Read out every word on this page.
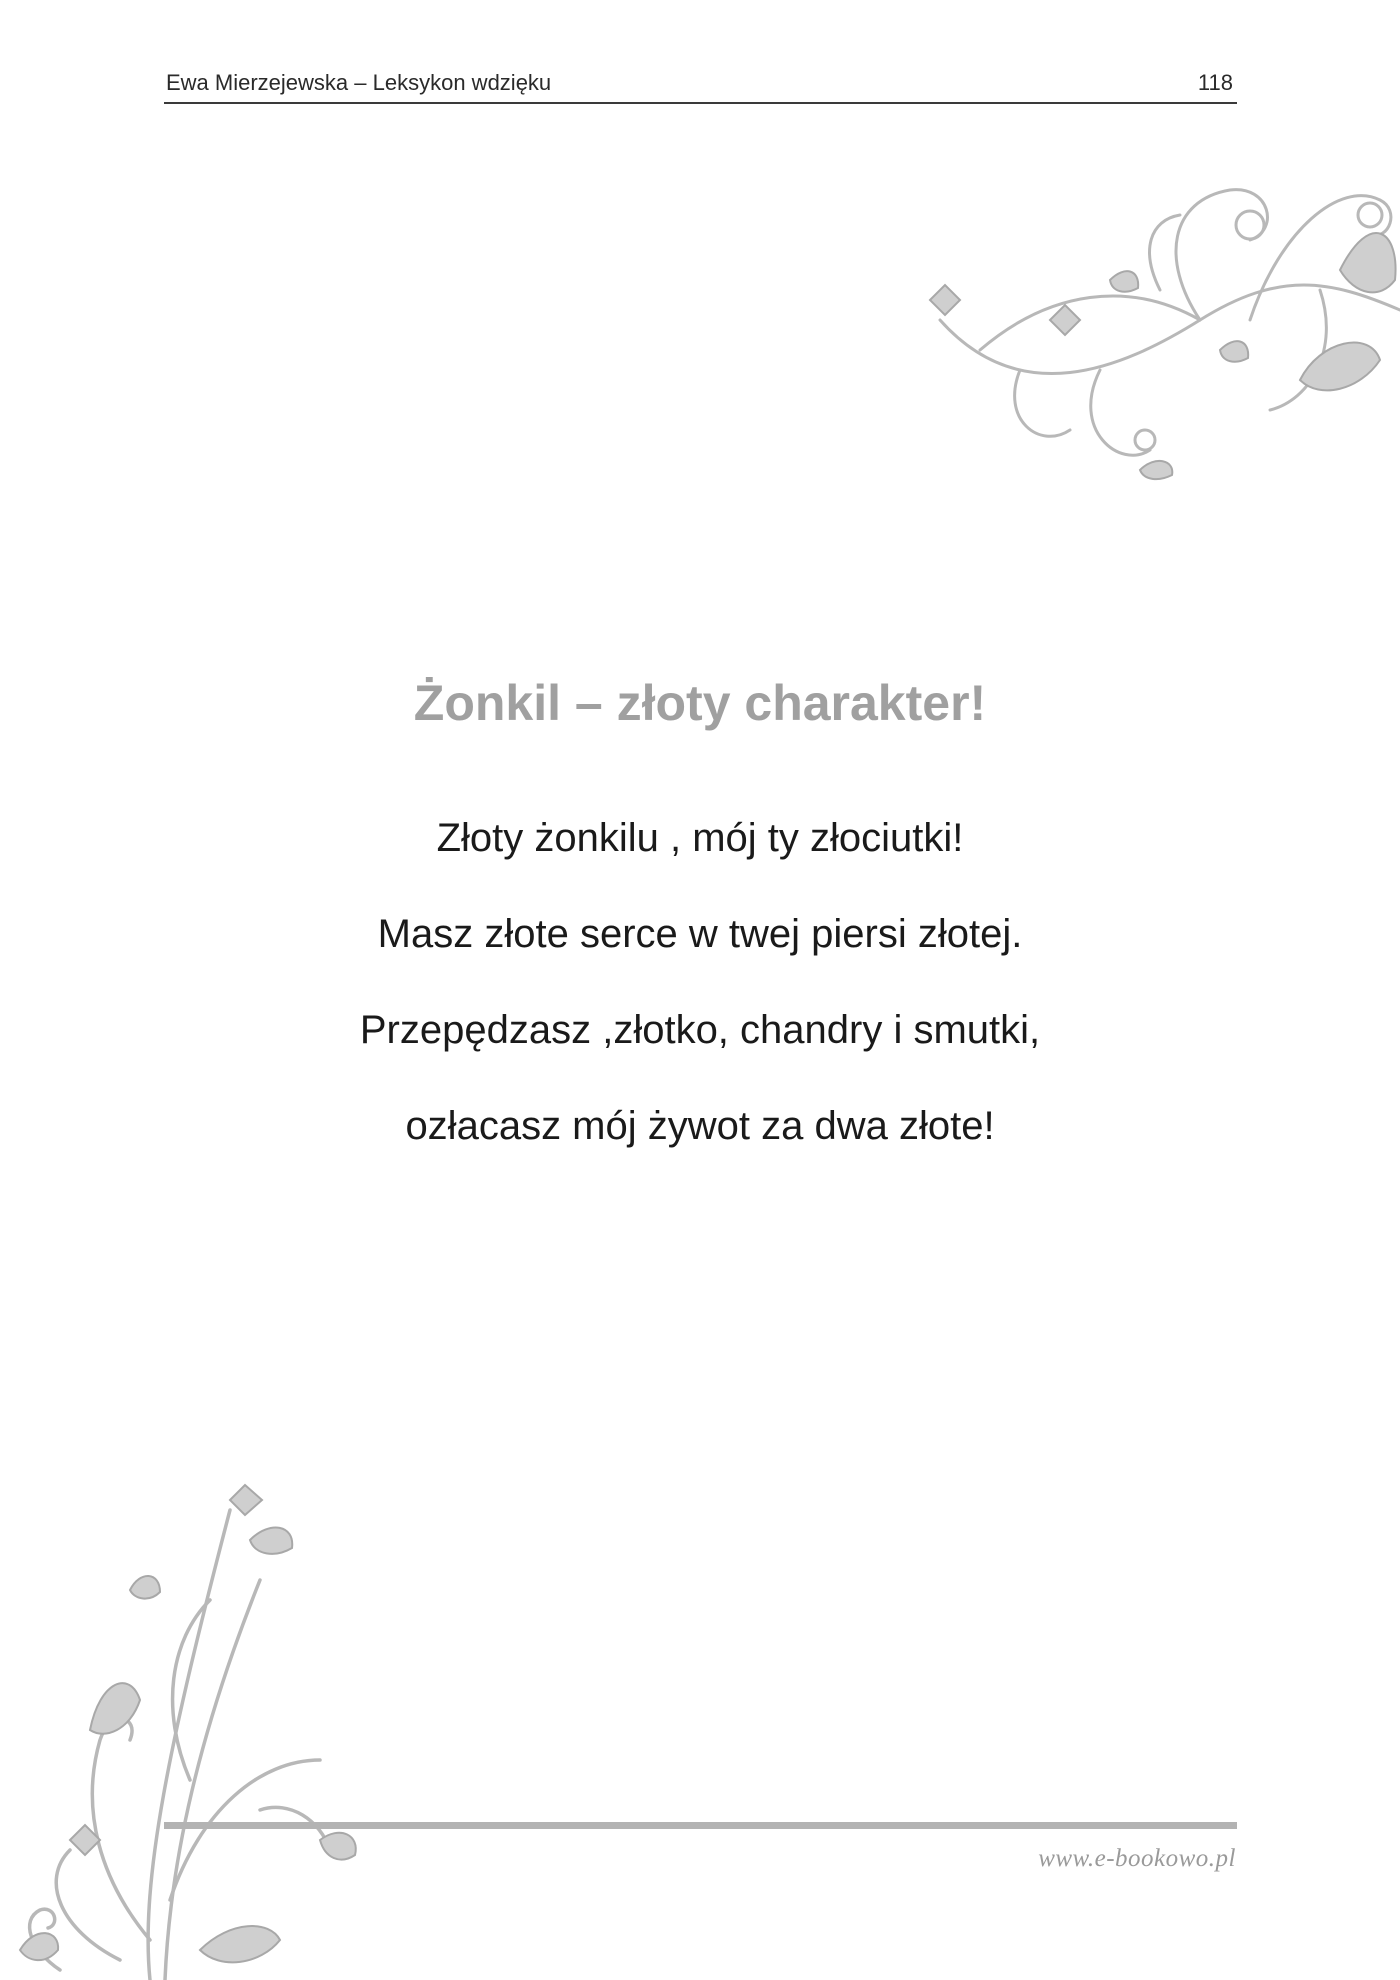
Ewa Mierzejewska – Leksykon wdzięku	118
Żonkil – złoty charakter!
Złoty żonkilu , mój ty złociutki!
Masz złote serce w twej piersi złotej.
Przepędzasz ,złotko, chandry i smutki,
ozłacasz mój żywot za dwa złote!
www.e-bookowo.pl
